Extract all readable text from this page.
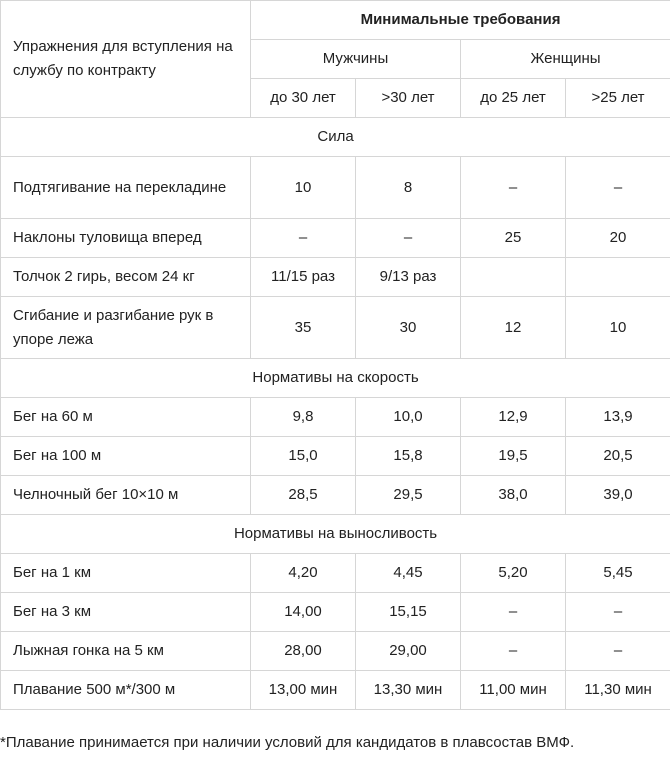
Упражнения для вступления на службу по контракту	Минимальные требования			
	Мужчины		Женщины	
	до 30 лет	>30 лет	до 25 лет	>25 лет
Сила				
Подтягивание на перекладине	10	8	–	–
Наклоны туловища вперед	–	–	25	20
Толчок 2 гирь, весом 24 кг	11/15 раз	9/13 раз		
Сгибание и разгибание рук в упоре лежа	35	30	12	10
Нормативы на скорость				
Бег на 60 м	9,8	10,0	12,9	13,9
Бег на 100 м	15,0	15,8	19,5	20,5
Челночный бег 10×10 м	28,5	29,5	38,0	39,0
Нормативы на выносливость				
Бег на 1 км	4,20	4,45	5,20	5,45
Бег на 3 км	14,00	15,15	–	–
Лыжная гонка на 5 км	28,00	29,00	–	–
Плавание 500 м*/300 м	13,00 мин	13,30 мин	11,00 мин	11,30 мин
*Плавание принимается при наличии условий для кандидатов в плавсостав ВМФ.
